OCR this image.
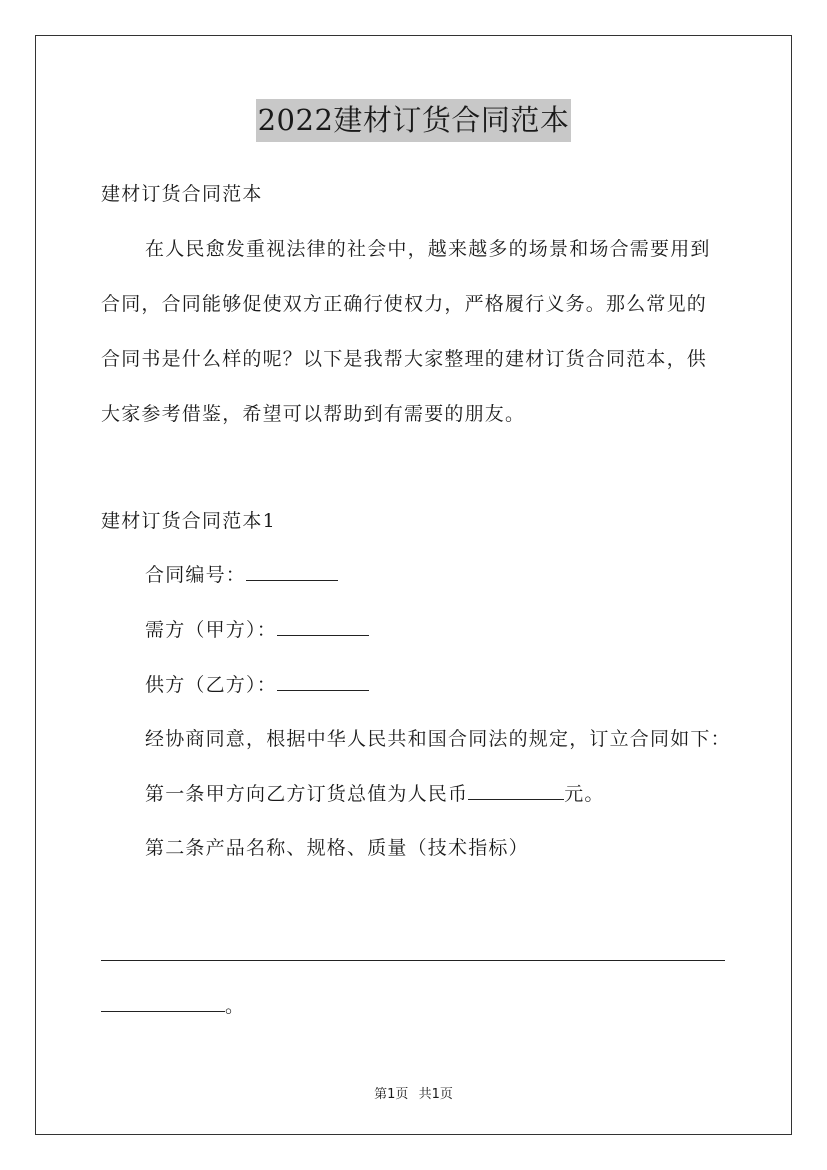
2022建材订货合同范本
建材订货合同范本
在人民愈发重视法律的社会中，越来越多的场景和场合需要用到
合同，合同能够促使双方正确行使权力，严格履行义务。那么常见的
合同书是什么样的呢？以下是我帮大家整理的建材订货合同范本，供
大家参考借鉴，希望可以帮助到有需要的朋友。
建材订货合同范本1
合同编号：
需方（甲方）：
供方（乙方）：
经协商同意，根据中华人民共和国合同法的规定，订立合同如下：
第一条甲方向乙方订货总值为人民币	元。
第二条产品名称、规格、质量（技术指标）
。
第1页 共1页
